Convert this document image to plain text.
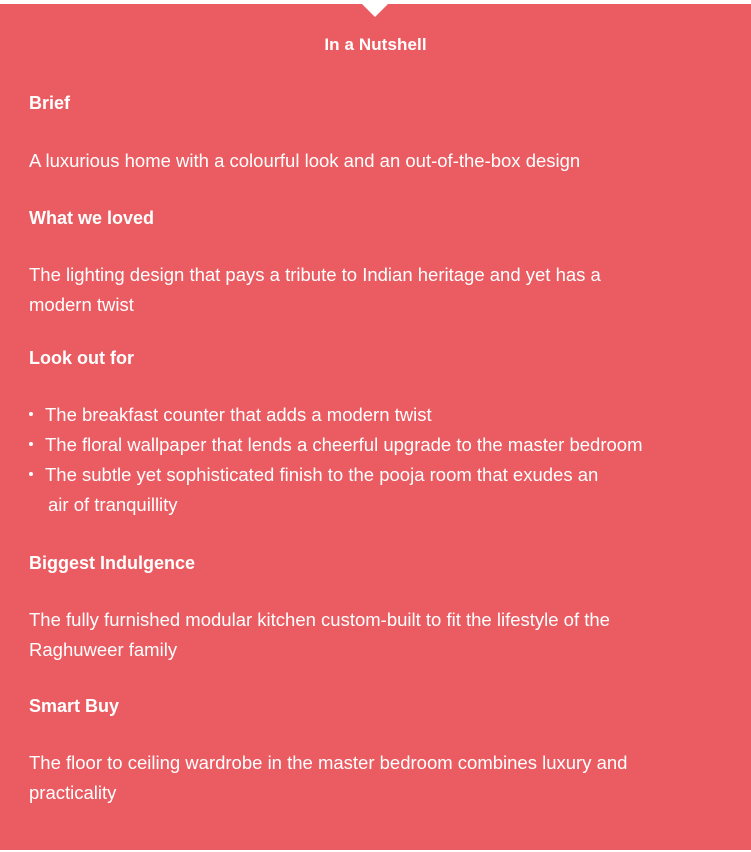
In a Nutshell
Brief
A luxurious home with a colourful look and an out-of-the-box design
What we loved
The lighting design that pays a tribute to Indian heritage and yet has a
modern twist
Look out for
The breakfast counter that adds a modern twist
The floral wallpaper that lends a cheerful upgrade to the master bedroom
The subtle yet sophisticated finish to the pooja room that exudes an
air of tranquillity
Biggest Indulgence
The fully furnished modular kitchen custom-built to fit the lifestyle of the
Raghuweer family
Smart Buy
The floor to ceiling wardrobe in the master bedroom combines luxury and
practicality
